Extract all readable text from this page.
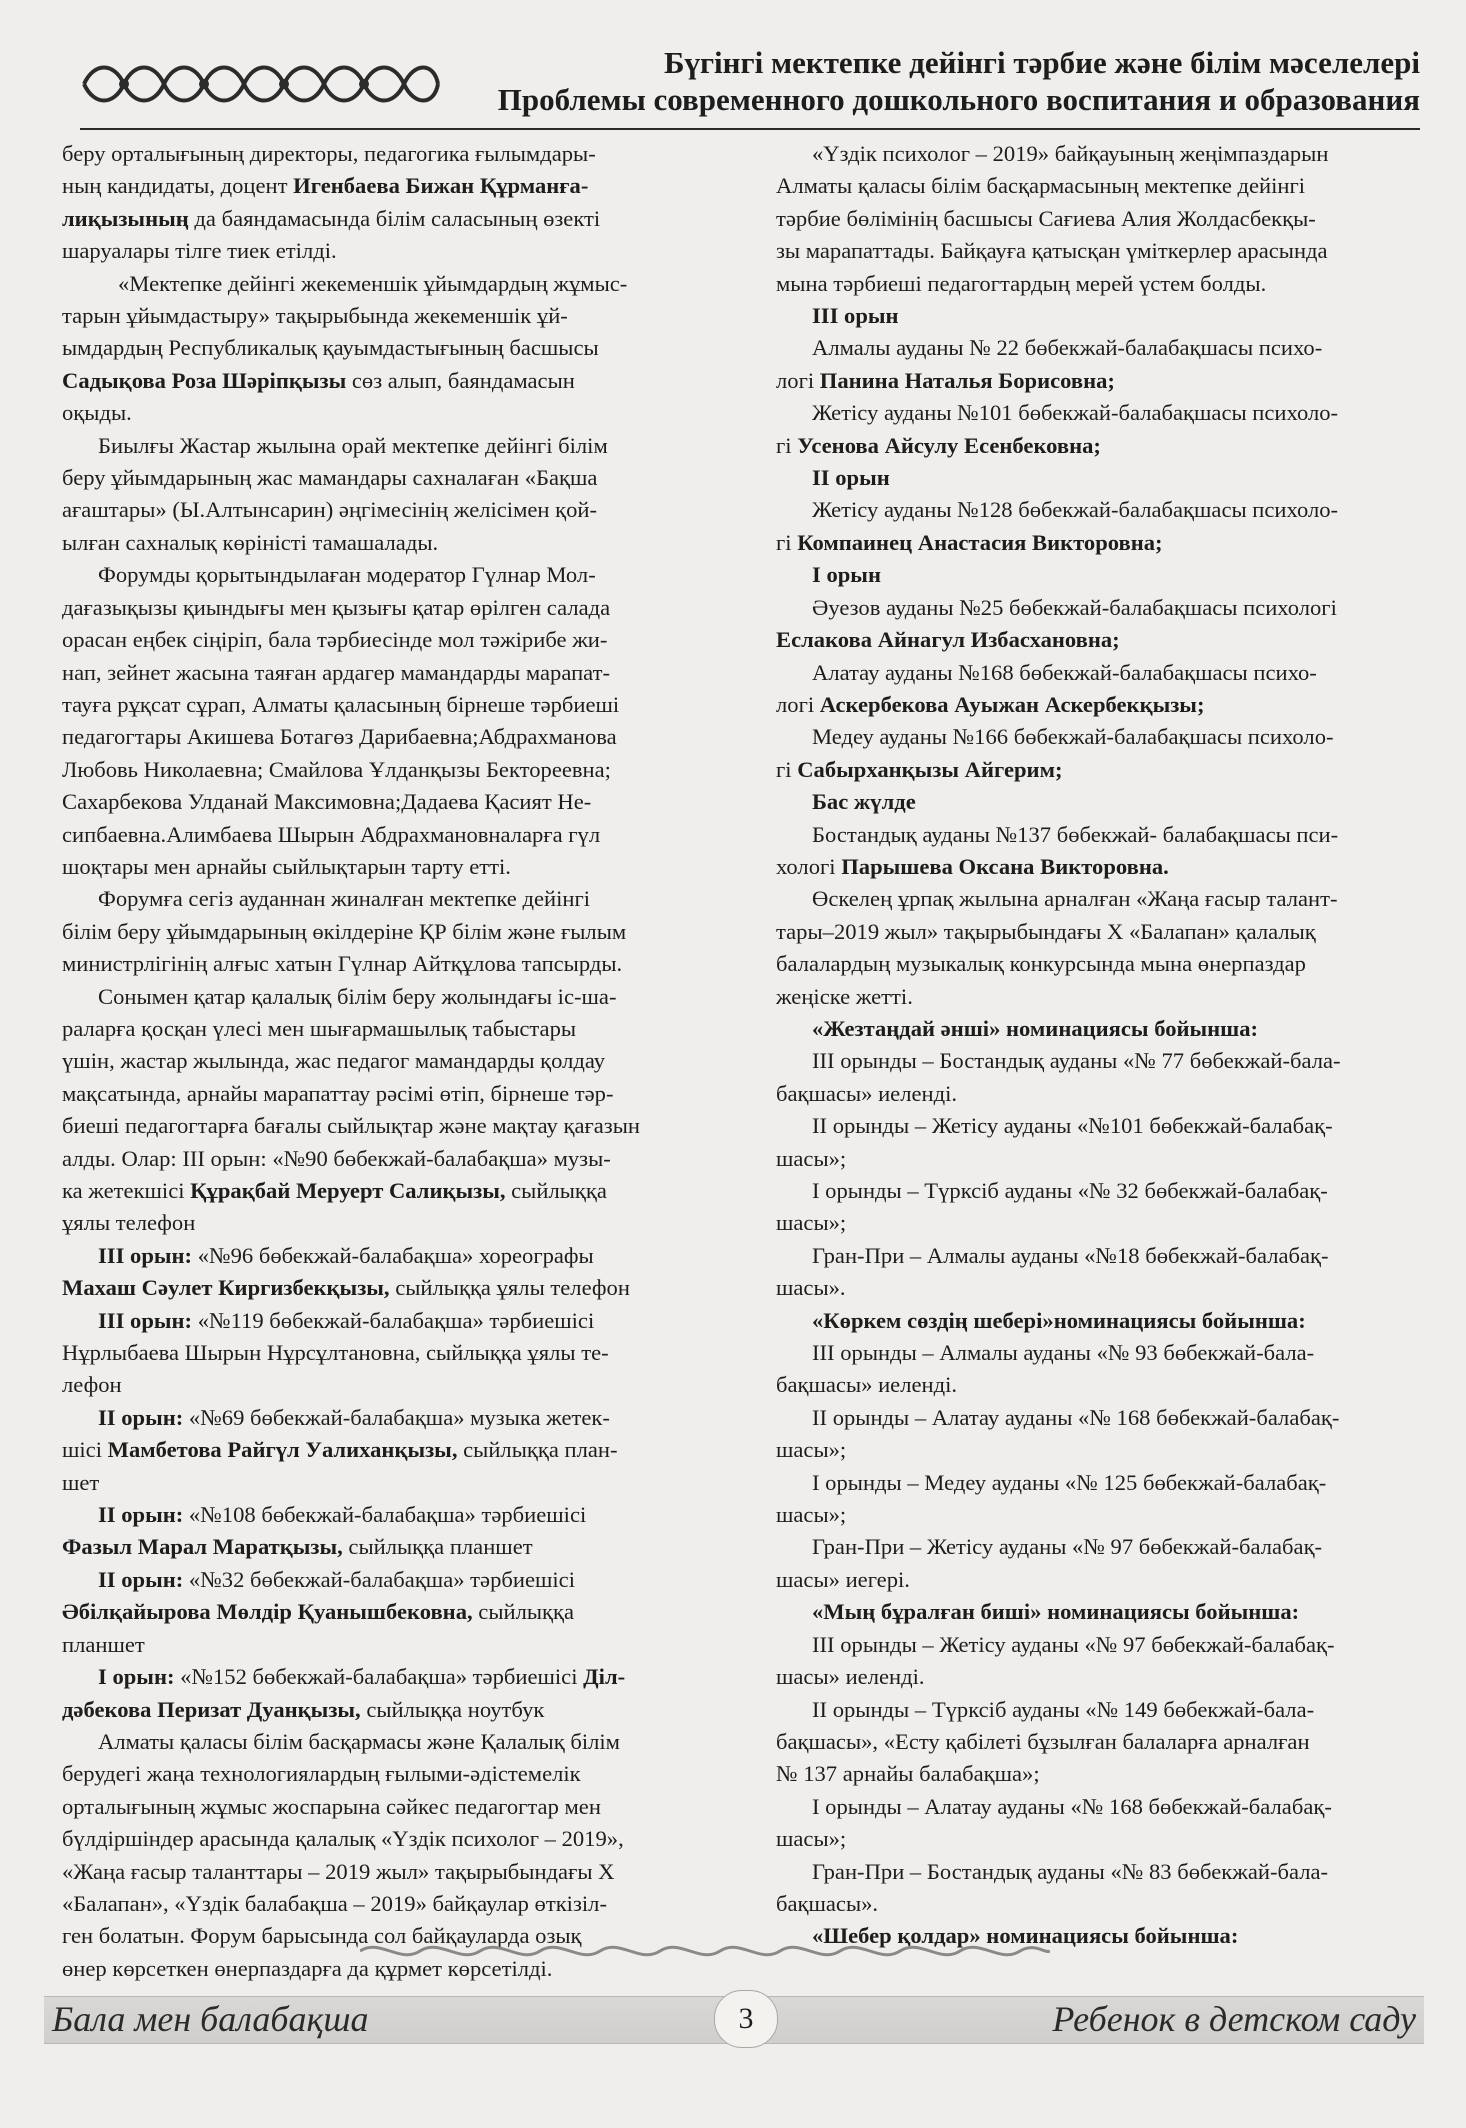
Бүгінгі мектепке дейінгі тәрбие және білім мәселелері
Проблемы современного дошкольного воспитания и образования

беру орталығының директоры, педагогика ғылымдары-

ның кандидаты, доцент Игенбаева Бижан Құрманға-

лиқызының да баяндамасында білім саласының өзекті

шаруалары тілге тиек етілді.

«Мектепке дейінгі жекеменшік ұйымдардың жұмыс-

тарын ұйымдастыру» тақырыбында жекеменшік ұй-

ымдардың Республикалық қауымдастығының басшысы

Садықова Роза Шәріпқызы сөз алып, баяндамасын

оқыды.

Биылғы Жастар жылына орай мектепке дейінгі білім

беру ұйымдарының жас мамандары сахналаған «Бақша

ағаштары» (Ы.Алтынсарин) әңгімесінің желісімен қой-

ылған сахналық көріністі тамашалады.

Форумды қорытындылаған модератор Гүлнар Мол-

дағазықызы қиындығы мен қызығы қатар өрілген салада

орасан еңбек сіңіріп, бала тәрбиесінде мол тәжірибе жи-

нап, зейнет жасына таяған ардагер мамандарды марапат-

тауға рұқсат сұрап, Алматы қаласының бірнеше тәрбиеші

педагогтары Акишева Ботагөз Дарибаевна;Абдрахманова

Любовь Николаевна; Смайлова Ұлданқызы Бектореевна;

Сахарбекова Улданай Максимовна;Дадаева Қасият Не-

сипбаевна.Алимбаева Шырын Абдрахмановналарға гүл

шоқтары мен арнайы сыйлықтарын тарту етті.

Форумға сегіз ауданнан жиналған мектепке дейінгі

білім беру ұйымдарының өкілдеріне ҚР білім және ғылым

министрлігінің алғыс хатын Гүлнар Айтқұлова тапсырды.

Сонымен қатар қалалық білім беру жолындағы іс-ша-

раларға қосқан үлесі мен шығармашылық табыстары

үшін, жастар жылында, жас педагог мамандарды қолдау

мақсатында, арнайы марапаттау рәсімі өтіп, бірнеше тәр-

биеші педагогтарға бағалы сыйлықтар және мақтау қағазын

алды. Олар: III орын: «№90 бөбекжай-балабақша» музы-

ка жетекшісі Құрақбай Меруерт Салиқызы, сыйлыққа

ұялы телефон

III орын: «№96 бөбекжай-балабақша» хореографы

Махаш Сәулет Киргизбекқызы, сыйлыққа ұялы телефон

III орын: «№119 бөбекжай-балабақша» тәрбиешісі

Нұрлыбаева Шырын Нұрсұлтановна, сыйлыққа ұялы те-

лефон

II орын: «№69 бөбекжай-балабақша» музыка жетек-

шісі Мамбетова Райгүл Уалиханқызы, сыйлыққа план-

шет

II орын: «№108 бөбекжай-балабақша» тәрбиешісі

Фазыл Марал Маратқызы, сыйлыққа планшет

II орын: «№32 бөбекжай-балабақша» тәрбиешісі

Әбілқайырова Мөлдір Қуанышбековна, сыйлыққа

планшет

I орын: «№152 бөбекжай-балабақша» тәрбиешісі Діл-

дәбекова Перизат Дуанқызы, сыйлыққа ноутбук

Алматы қаласы білім басқармасы және Қалалық білім

берудегі жаңа технологиялардың ғылыми-әдістемелік

орталығының жұмыс жоспарына сәйкес педагогтар мен

бүлдіршіндер арасында қалалық «Үздік психолог – 2019»,

«Жаңа ғасыр таланттары – 2019 жыл» тақырыбындағы Х

«Балапан», «Үздік балабақша – 2019» байқаулар өткізіл-

ген болатын. Форум барысында сол байқауларда озық

өнер көрсеткен өнерпаздарға да құрмет көрсетілді.

«Үздік психолог – 2019» байқауының жеңімпаздарын

Алматы қаласы білім басқармасының мектепке дейінгі

тәрбие бөлімінің басшысы Сағиева Алия Жолдасбекқы-

зы марапаттады. Байқауға қатысқан үміткерлер арасында

мына тәрбиеші педагогтардың мерей үстем болды.

III орын

Алмалы ауданы № 22 бөбекжай-балабақшасы психо-

логі Панина Наталья Борисовна;

Жетісу ауданы №101 бөбекжай-балабақшасы психоло-

гі Усенова Айсулу Есенбековна;

II орын

Жетісу ауданы №128 бөбекжай-балабақшасы психоло-

гі Компаинец Анастасия Викторовна;

I орын

Әуезов ауданы №25 бөбекжай-балабақшасы психологі

Еслакова Айнагул Избасхановна;

Алатау ауданы №168 бөбекжай-балабақшасы психо-

логі Аскербекова Ауыжан Аскербекқызы;

Медеу ауданы №166 бөбекжай-балабақшасы психоло-

гі Сабырханқызы Айгерим;

Бас жүлде

Бостандық ауданы №137 бөбекжай- балабақшасы пси-

хологі Парышева Оксана Викторовна.

Өскелең ұрпақ жылына арналған «Жаңа ғасыр талант-

тары–2019 жыл» тақырыбындағы Х «Балапан» қалалық

балалардың музыкалық конкурсында мына өнерпаздар

жеңіске жетті.

«Жезтаңдай әнші» номинациясы бойынша:

III орынды – Бостандық ауданы «№ 77 бөбекжай-бала-

бақшасы» иеленді.

II орынды – Жетісу ауданы «№101 бөбекжай-балабақ-

шасы»;

I орынды – Түрксіб ауданы «№ 32 бөбекжай-балабақ-

шасы»;

Гран-При – Алмалы ауданы «№18 бөбекжай-балабақ-

шасы».

«Көркем сөздің шебері»номинациясы бойынша:

III орынды – Алмалы ауданы «№ 93 бөбекжай-бала-

бақшасы» иеленді.

II орынды – Алатау ауданы «№ 168 бөбекжай-балабақ-

шасы»;

I орынды – Медеу ауданы «№ 125 бөбекжай-балабақ-

шасы»;

Гран-При – Жетісу ауданы «№ 97 бөбекжай-балабақ-

шасы» иегері.

«Мың бұралған биші» номинациясы бойынша:

III орынды – Жетісу ауданы «№ 97 бөбекжай-балабақ-

шасы» иеленді.

II орынды – Түрксіб ауданы «№ 149 бөбекжай-бала-

бақшасы», «Есту қабілеті бұзылған балаларға арналған

№ 137 арнайы балабақша»;

I орынды – Алатау ауданы «№ 168 бөбекжай-балабақ-

шасы»;

Гран-При – Бостандық ауданы «№ 83 бөбекжай-бала-

бақшасы».

«Шебер қолдар» номинациясы бойынша:

Бала мен балабақша	3	Ребенок в детском саду
